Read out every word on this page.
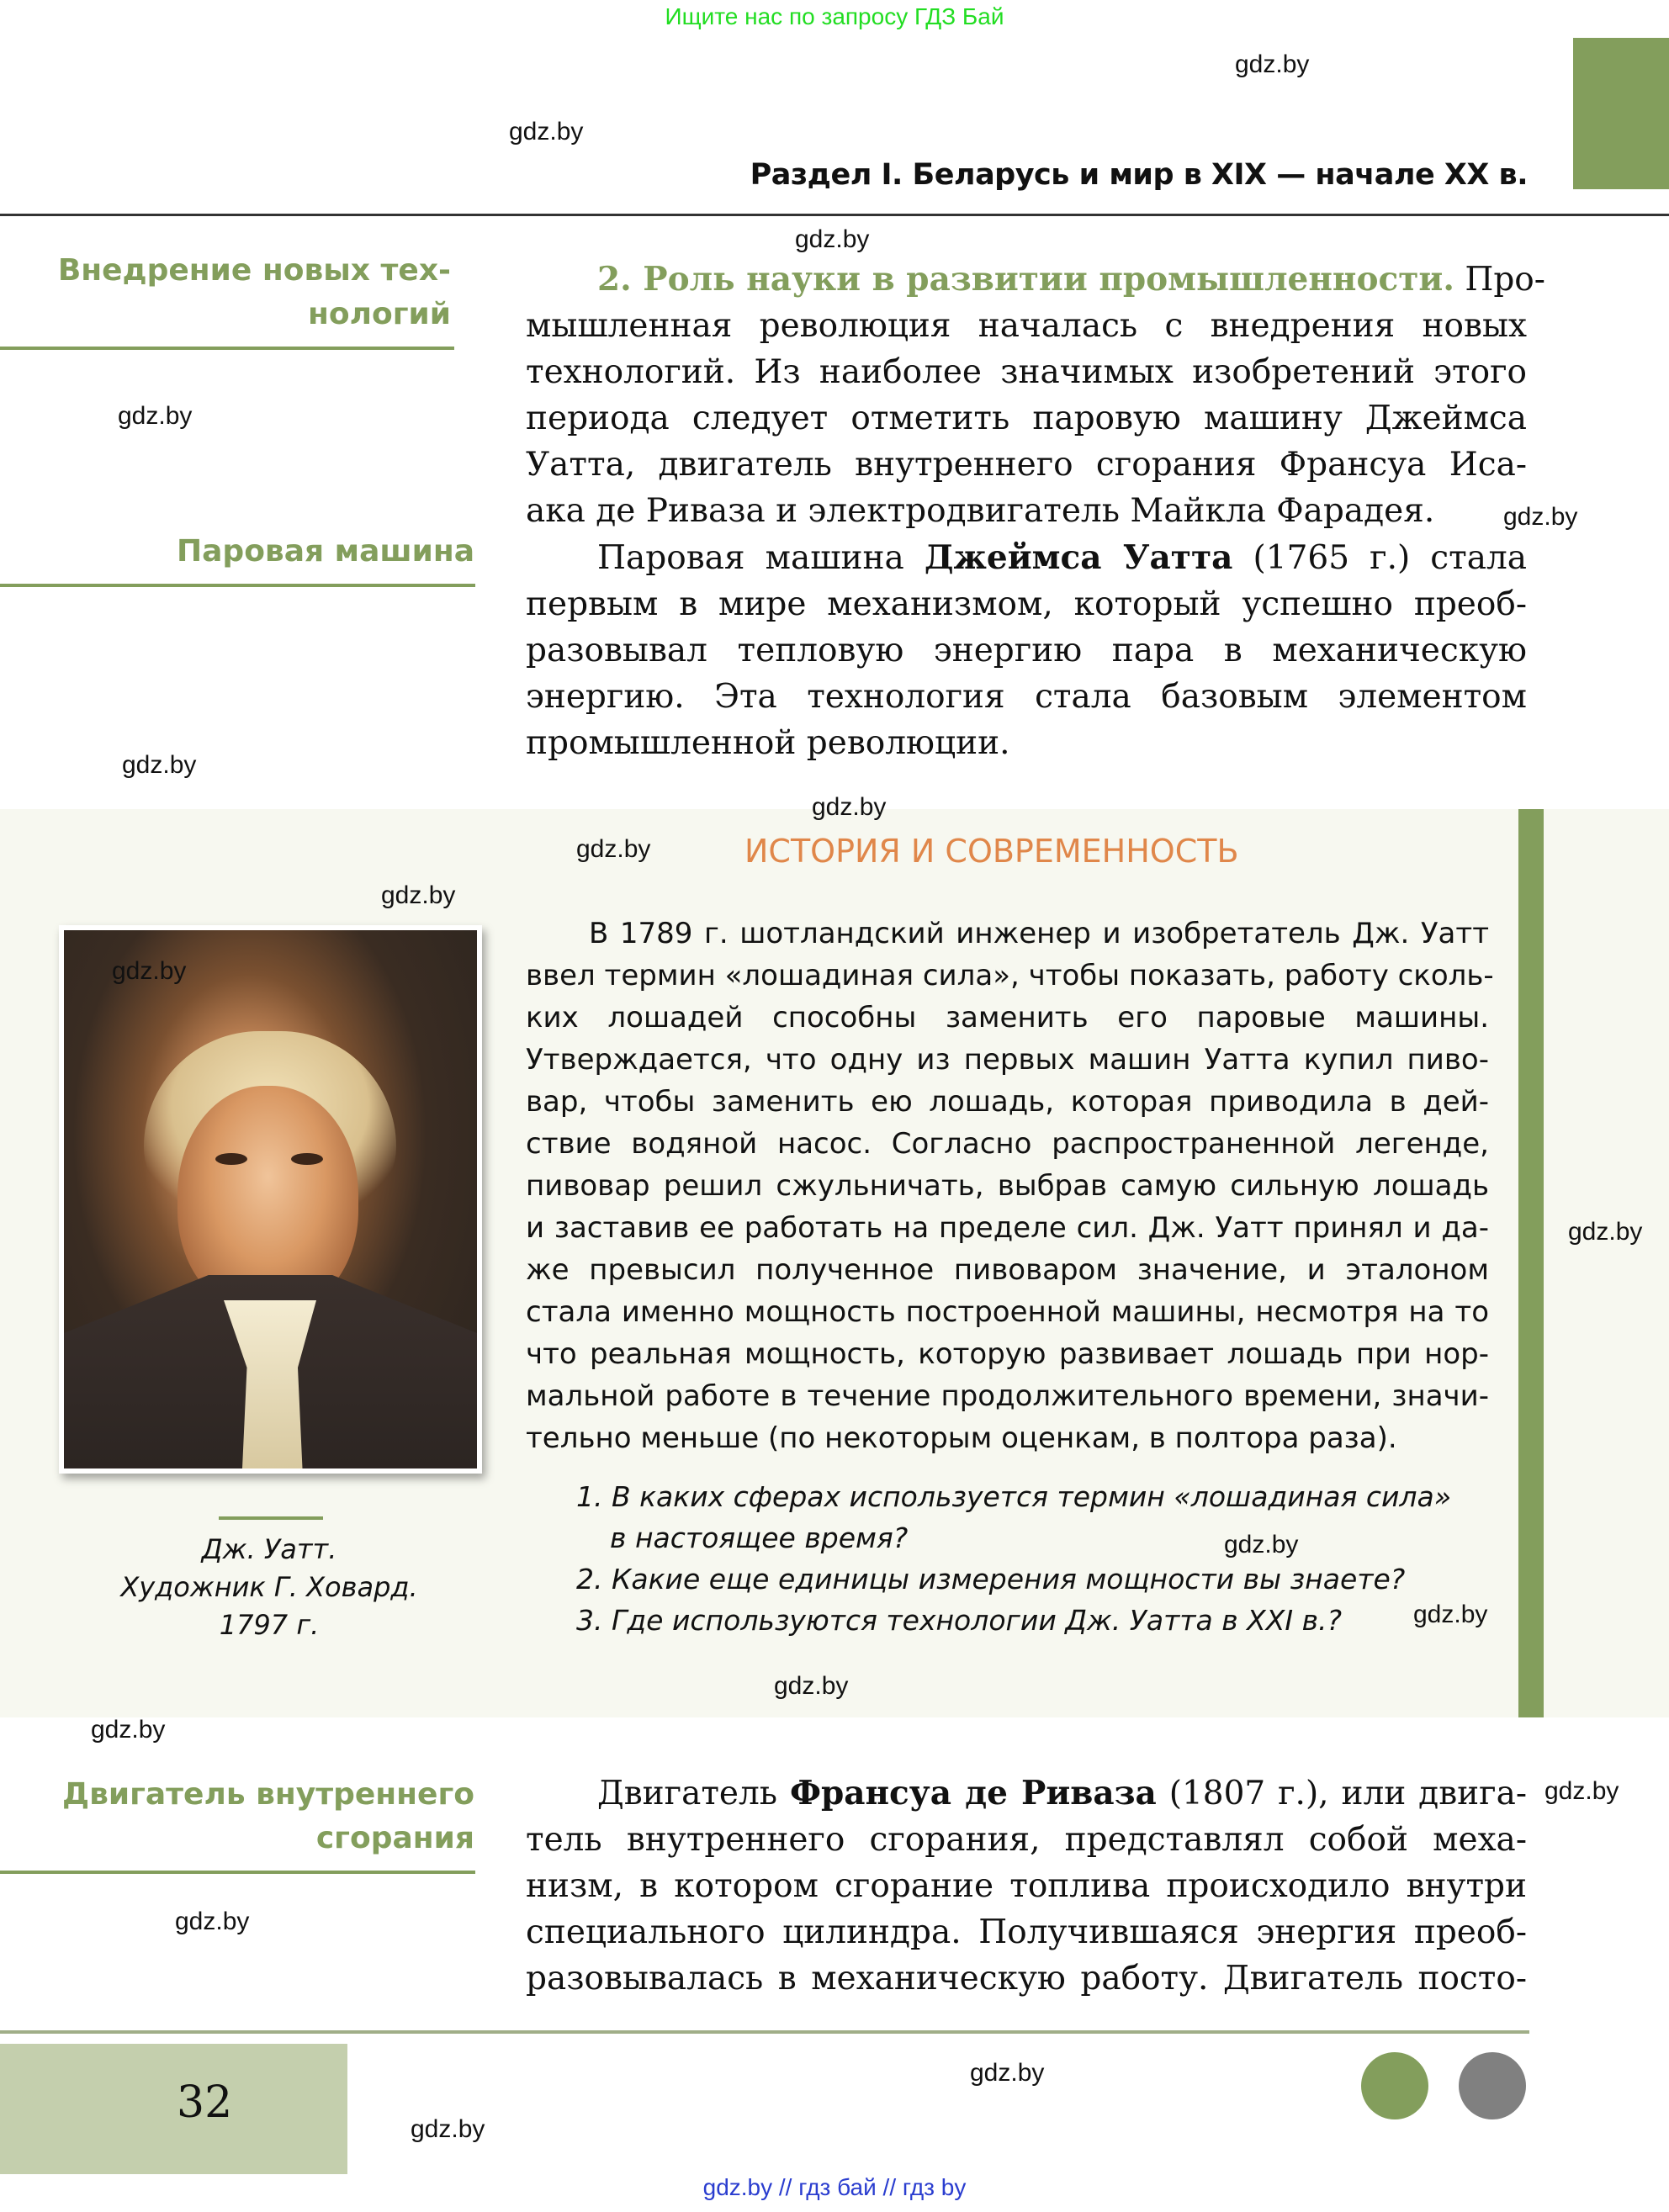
Ищите нас по запросу ГДЗ Бай
Раздел I. Беларусь и мир в XIX — начале XX в.
Внедрение новых тех-
нологий
Паровая машина
2. Роль науки в развитии промышленности. Про-
мышленная революция началась с внедрения новых
технологий. Из наиболее значимых изобретений этого
периода следует отметить паровую машину Джеймса
Уатта, двигатель внутреннего сгорания Франсуа Иса-
ака де Риваза и электродвигатель Майкла Фарадея.
Паровая машина Джеймса Уатта (1765 г.) стала
первым в мире механизмом, который успешно преоб-
разовывал тепловую энергию пара в механическую
энергию. Эта технология стала базовым элементом
промышленной революции.
ИСТОРИЯ И СОВРЕМЕННОСТЬ
Дж. Уатт.
Художник Г. Ховард.
1797 г.
В 1789 г. шотландский инженер и изобретатель Дж. Уатт
ввел термин «лошадиная сила», чтобы показать, работу сколь-
ких лошадей способны заменить его паровые машины.
Утверждается, что одну из первых машин Уатта купил пиво-
вар, чтобы заменить ею лошадь, которая приводила в дей-
ствие водяной насос. Согласно распространенной легенде,
пивовар решил сжульничать, выбрав самую сильную лошадь
и заставив ее работать на пределе сил. Дж. Уатт принял и да-
же превысил полученное пивоваром значение, и эталоном
стала именно мощность построенной машины, несмотря на то
что реальная мощность, которую развивает лошадь при нор-
мальной работе в течение продолжительного времени, значи-
тельно меньше (по некоторым оценкам, в полтора раза).
1. В каких сферах используется термин «лошадиная сила»
в настоящее время?
2. Какие еще единицы измерения мощности вы знаете?
3. Где используются технологии Дж. Уатта в XXI в.?
Двигатель внутреннего
сгорания
Двигатель Франсуа де Риваза (1807 г.), или двига-
тель внутреннего сгорания, представлял собой меха-
низм, в котором сгорание топлива происходило внутри
специального цилиндра. Получившаяся энергия преоб-
разовывалась в механическую работу. Двигатель посто-
32
gdz.by // гдз бай // гдз by
gdz.by
gdz.by
gdz.by
gdz.by
gdz.by
gdz.by
gdz.by
gdz.by
gdz.by
gdz.by
gdz.by
gdz.by
gdz.by
gdz.by
gdz.by
gdz.by
gdz.by
gdz.by
gdz.by
